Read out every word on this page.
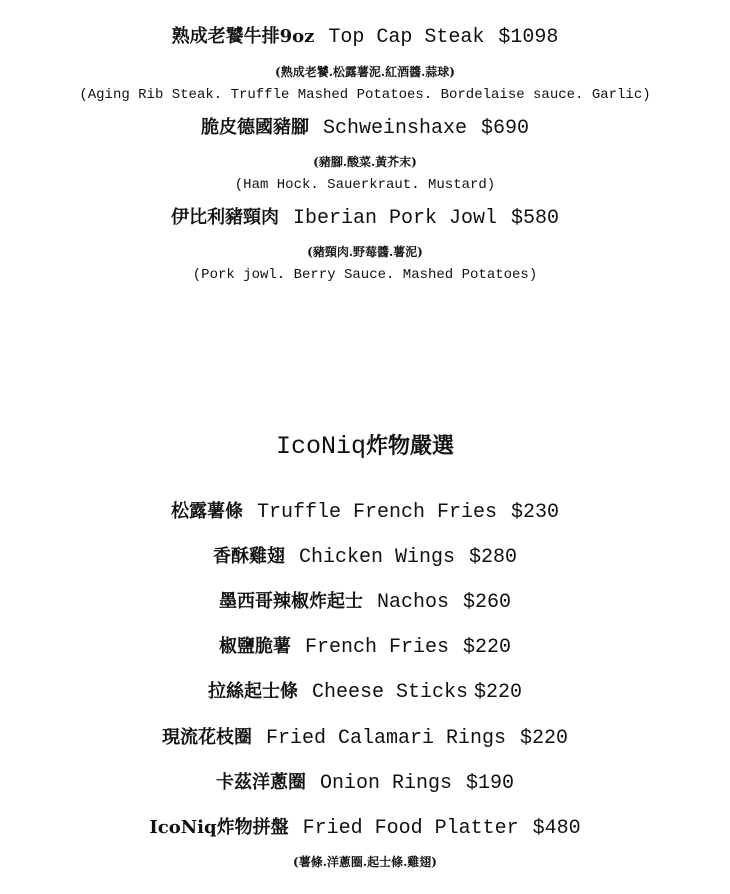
熟成老饕牛排9oz Top Cap Steak $1098
(熟成老饕.松露薯泥.紅酒醬.蒜球)
(Aging Rib Steak. Truffle Mashed Potatoes. Bordelaise sauce. Garlic)
脆皮德國豬腳 Schweinshaxe $690
(豬腳.酸菜.黃芥末)
(Ham Hock. Sauerkraut. Mustard)
伊比利豬頸肉 Iberian Pork Jowl $580
(豬頸肉.野莓醬.薯泥)
(Pork jowl. Berry Sauce. Mashed Potatoes)
IcoNiq炸物嚴選
松露薯條 Truffle French Fries $230
香酥雞翅 Chicken Wings $280
墨西哥辣椒炸起士 Nachos $260
椒鹽脆薯 French Fries $220
拉絲起士條 Cheese Sticks $220
現流花枝圈 Fried Calamari Rings $220
卡茲洋蔥圈 Onion Rings $190
IcoNiq炸物拼盤 Fried Food Platter $480
(薯條.洋蔥圈.起士條.雞翅)
